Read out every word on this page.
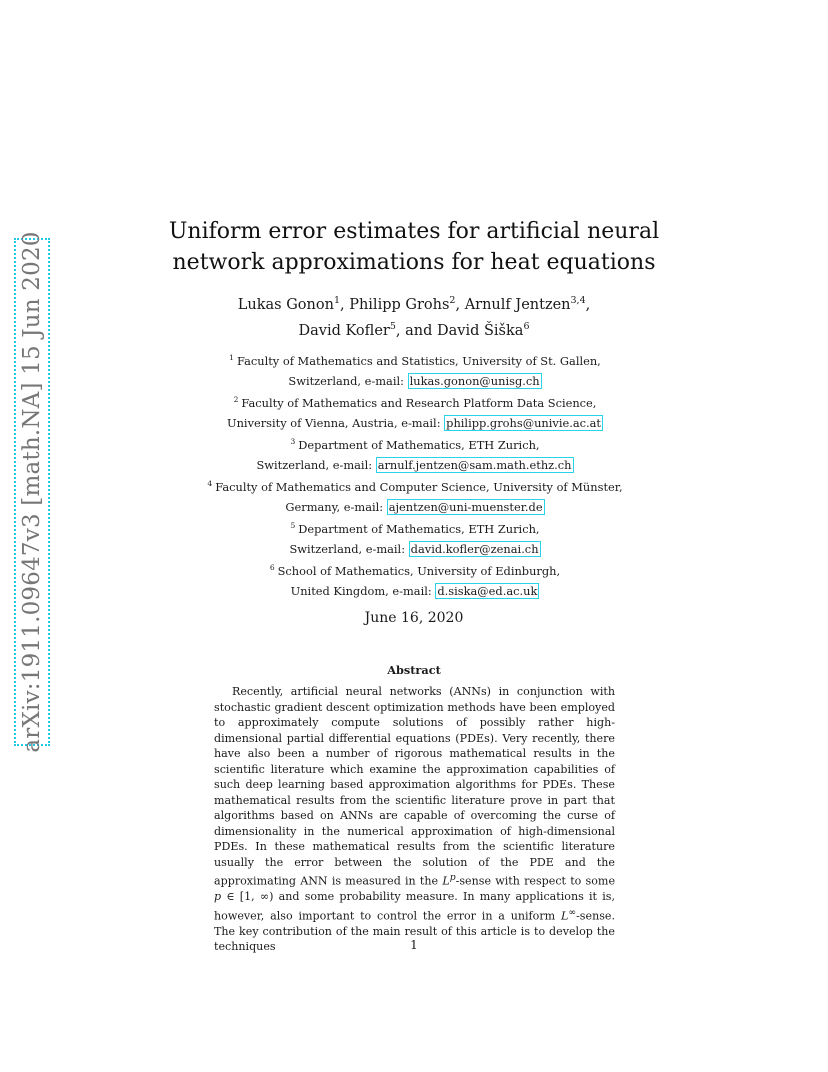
arXiv:1911.09647v3 [math.NA] 15 Jun 2020	Uniform error estimates for artificial neural network approximations for heat equations
Lukas Gonon$^1$, Philipp Grohs$^2$, Arnulf Jentzen$^{3,4}$,
David Kofler$^5$, and David Šiška$^6$
$^1$ Faculty of Mathematics and Statistics, University of St. Gallen,
Switzerland, e-mail: lukas.gonon@unisg.ch
$^2$ Faculty of Mathematics and Research Platform Data Science,
University of Vienna, Austria, e-mail: philipp.grohs@univie.ac.at
$^3$ Department of Mathematics, ETH Zurich,
Switzerland, e-mail: arnulf.jentzen@sam.math.ethz.ch
$^4$ Faculty of Mathematics and Computer Science, University of Münster,
Germany, e-mail: ajentzen@uni-muenster.de
$^5$ Department of Mathematics, ETH Zurich,
Switzerland, e-mail: david.kofler@zenai.ch
$^6$ School of Mathematics, University of Edinburgh,
United Kingdom, e-mail: d.siska@ed.ac.uk
June 16, 2020
Abstract
Recently, artificial neural networks (ANNs) in conjunction with stochastic gradient descent optimization methods have been employed to approximately compute solutions of possibly rather high-dimensional partial differential equations (PDEs). Very recently, there have also been a number of rigorous mathematical results in the scientific literature which examine the approximation capabilities of such deep learning based approximation algorithms for PDEs. These mathematical results from the scientific literature prove in part that algorithms based on ANNs are capable of overcoming the curse of dimensionality in the numerical approximation of high-dimensional PDEs. In these mathematical results from the scientific literature usually the error between the solution of the PDE and the approximating ANN is measured in the $L^p$-sense with respect to some p ∈ [1, ∞) and some probability measure. In many applications it is, however, also important to control the error in a uniform L∞-sense. The key contribution of the main result of this article is to develop the techniques	1
